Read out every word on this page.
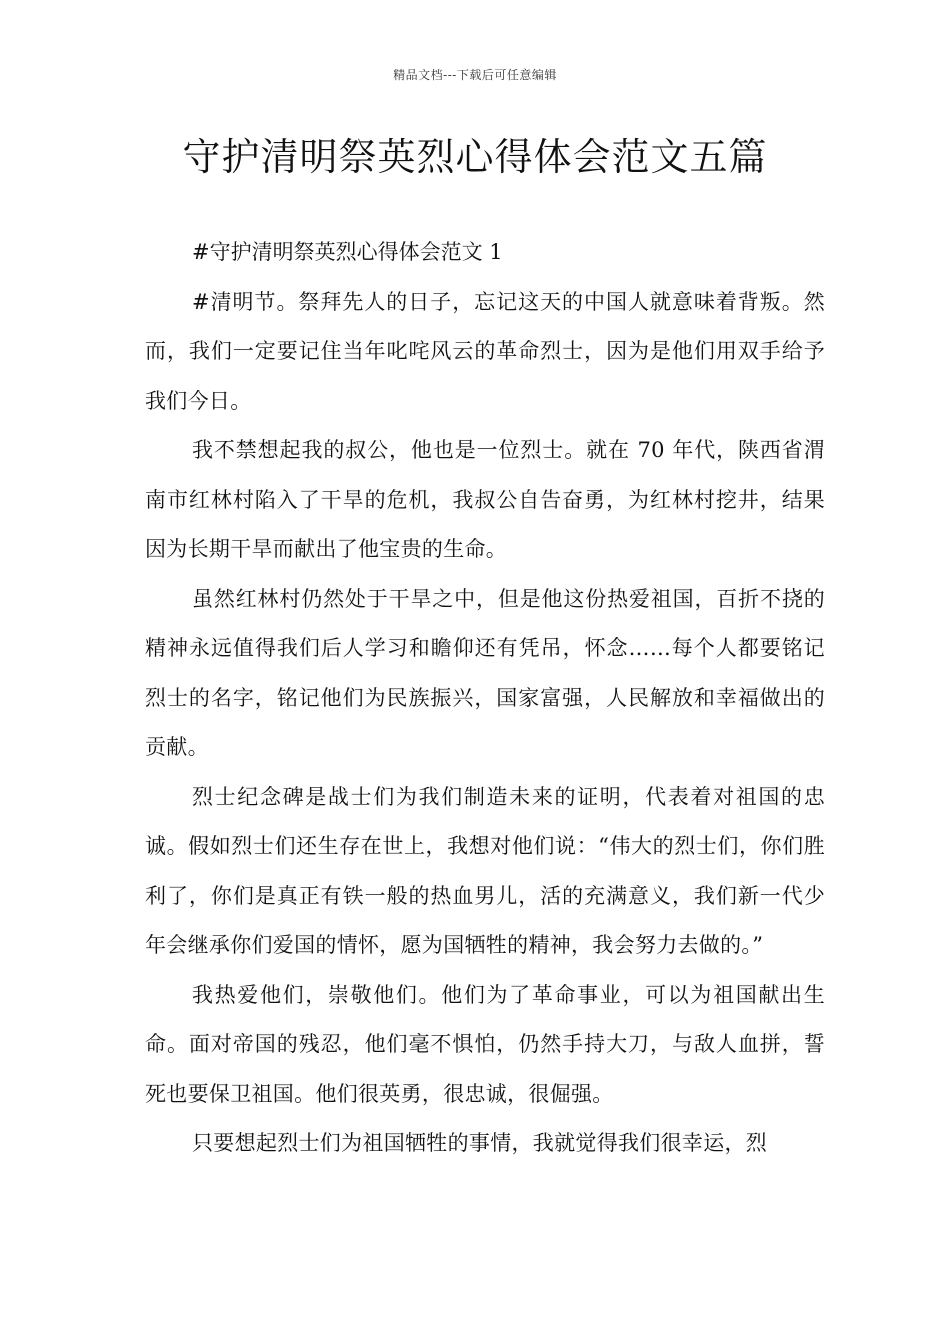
精品文档---下载后可任意编辑
守护清明祭英烈心得体会范文五篇

#守护清明祭英烈心得体会范文 1

#清明节。祭拜先人的日子，忘记这天的中国人就意味着背叛。然而，我们一定要记住当年叱咤风云的革命烈士，因为是他们用双手给予我们今日。

我不禁想起我的叔公，他也是一位烈士。就在 70 年代，陕西省渭南市红林村陷入了干旱的危机，我叔公自告奋勇，为红林村挖井，结果因为长期干旱而献出了他宝贵的生命。

虽然红林村仍然处于干旱之中，但是他这份热爱祖国，百折不挠的精神永远值得我们后人学习和瞻仰还有凭吊，怀念……每个人都要铭记烈士的名字，铭记他们为民族振兴，国家富强，人民解放和幸福做出的贡献。

烈士纪念碑是战士们为我们制造未来的证明，代表着对祖国的忠诚。假如烈士们还生存在世上，我想对他们说：“伟大的烈士们，你们胜利了，你们是真正有铁一般的热血男儿，活的充满意义，我们新一代少年会继承你们爱国的情怀，愿为国牺牲的精神，我会努力去做的。”

我热爱他们，崇敬他们。他们为了革命事业，可以为祖国献出生命。面对帝国的残忍，他们毫不惧怕，仍然手持大刀，与敌人血拼，誓死也要保卫祖国。他们很英勇，很忠诚，很倔强。

只要想起烈士们为祖国牺牲的事情，我就觉得我们很幸运，烈
